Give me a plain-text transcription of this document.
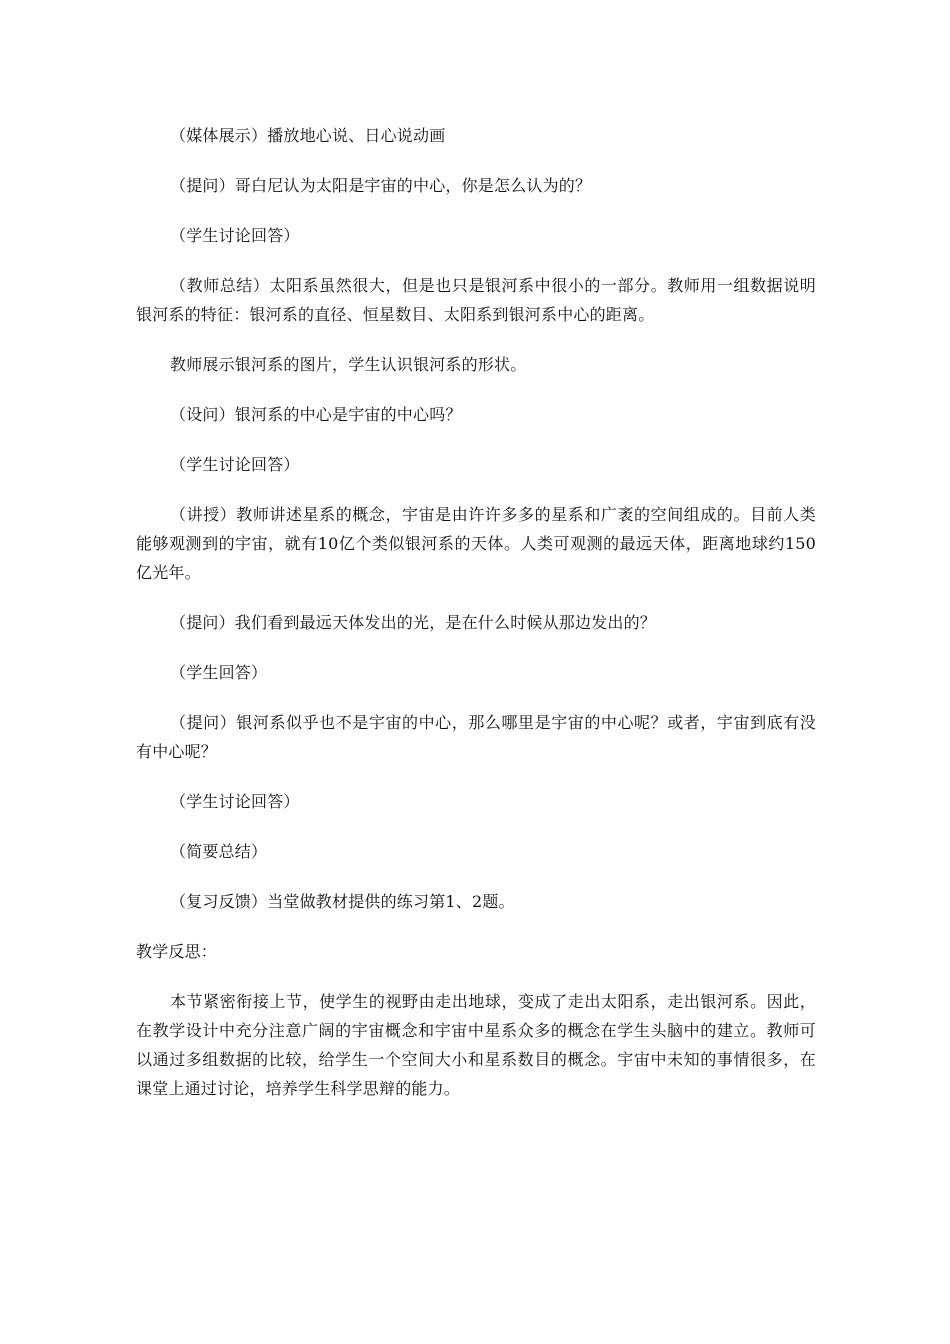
（媒体展示）播放地心说、日心说动画

（提问）哥白尼认为太阳是宇宙的中心，你是怎么认为的？

（学生讨论回答）

（教师总结）太阳系虽然很大，但是也只是银河系中很小的一部分。教师用一组数据说明银河系的特征：银河系的直径、恒星数目、太阳系到银河系中心的距离。

教师展示银河系的图片，学生认识银河系的形状。

（设问）银河系的中心是宇宙的中心吗？

（学生讨论回答）

（讲授）教师讲述星系的概念，宇宙是由许许多多的星系和广袤的空间组成的。目前人类能够观测到的宇宙，就有10亿个类似银河系的天体。人类可观测的最远天体，距离地球约150亿光年。

（提问）我们看到最远天体发出的光，是在什么时候从那边发出的？

（学生回答）

（提问）银河系似乎也不是宇宙的中心，那么哪里是宇宙的中心呢？或者，宇宙到底有没有中心呢？

（学生讨论回答）

（简要总结）

（复习反馈）当堂做教材提供的练习第1、2题。

教学反思：

本节紧密衔接上节，使学生的视野由走出地球，变成了走出太阳系，走出银河系。因此，在教学设计中充分注意广阔的宇宙概念和宇宙中星系众多的概念在学生头脑中的建立。教师可以通过多组数据的比较，给学生一个空间大小和星系数目的概念。宇宙中未知的事情很多，在课堂上通过讨论，培养学生科学思辩的能力。
